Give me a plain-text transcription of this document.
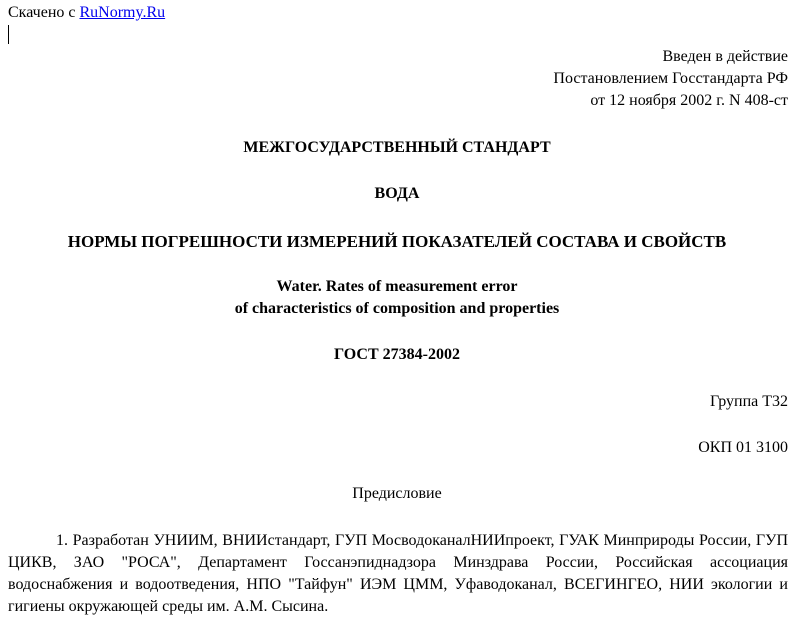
Скачено с RuNormy.Ru
Введен в действие
Постановлением Госстандарта РФ
от 12 ноября 2002 г. N 408-ст
МЕЖГОСУДАРСТВЕННЫЙ СТАНДАРТ
ВОДА
НОРМЫ ПОГРЕШНОСТИ ИЗМЕРЕНИЙ ПОКАЗАТЕЛЕЙ СОСТАВА И СВОЙСТВ
Water. Rates of measurement error
of characteristics of composition and properties
ГОСТ 27384-2002
Группа Т32
ОКП 01 3100
Предисловие
1. Разработан УНИИМ, ВНИИстандарт, ГУП МосводоканалНИИпроект, ГУАК Минприроды России, ГУП ЦИКВ, ЗАО "РОСА", Департамент Госсанэпиднадзора Минздрава России, Российская ассоциация водоснабжения и водоотведения, НПО "Тайфун" ИЭМ ЦММ, Уфаводоканал, ВСЕГИНГЕО, НИИ экологии и гигиены окружающей среды им. А.М. Сысина.
